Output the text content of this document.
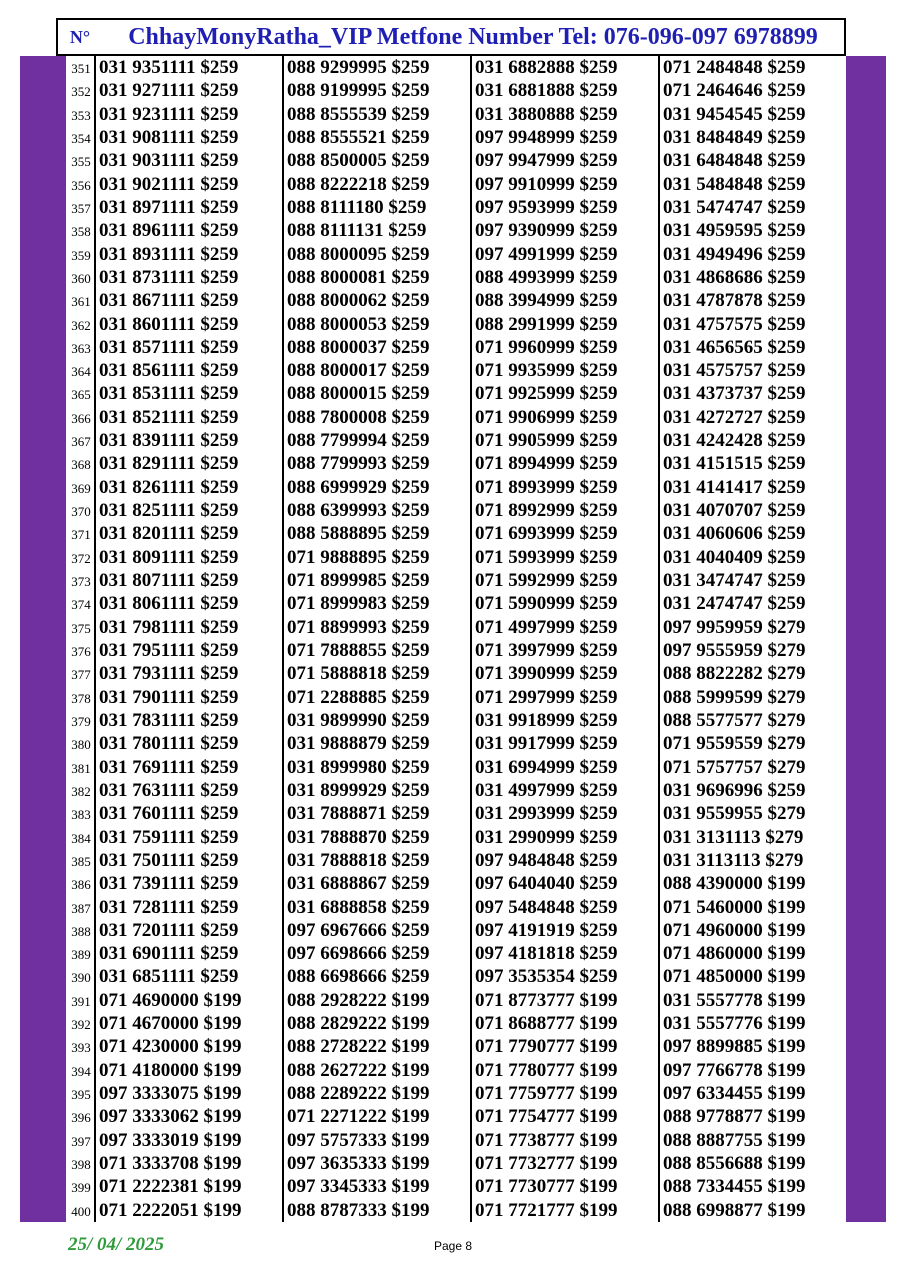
N°	ChhayMonyRatha_VIP Metfone Number Tel: 076-096-097 6978899
351 031 9351111 $259	088 9299995 $259	031 6882888 $259	071 2484848 $259
352 031 9271111 $259	088 9199995 $259	031 6881888 $259	071 2464646 $259
353 031 9231111 $259	088 8555539 $259	031 3880888 $259	031 9454545 $259
354 031 9081111 $259	088 8555521 $259	097 9948999 $259	031 8484849 $259
355 031 9031111 $259	088 8500005 $259	097 9947999 $259	031 6484848 $259
356 031 9021111 $259	088 8222218 $259	097 9910999 $259	031 5484848 $259
357 031 8971111 $259	088 8111180 $259	097 9593999 $259	031 5474747 $259
358 031 8961111 $259	088 8111131 $259	097 9390999 $259	031 4959595 $259
359 031 8931111 $259	088 8000095 $259	097 4991999 $259	031 4949496 $259
360 031 8731111 $259	088 8000081 $259	088 4993999 $259	031 4868686 $259
361 031 8671111 $259	088 8000062 $259	088 3994999 $259	031 4787878 $259
362 031 8601111 $259	088 8000053 $259	088 2991999 $259	031 4757575 $259
363 031 8571111 $259	088 8000037 $259	071 9960999 $259	031 4656565 $259
364 031 8561111 $259	088 8000017 $259	071 9935999 $259	031 4575757 $259
365 031 8531111 $259	088 8000015 $259	071 9925999 $259	031 4373737 $259
366 031 8521111 $259	088 7800008 $259	071 9906999 $259	031 4272727 $259
367 031 8391111 $259	088 7799994 $259	071 9905999 $259	031 4242428 $259
368 031 8291111 $259	088 7799993 $259	071 8994999 $259	031 4151515 $259
369 031 8261111 $259	088 6999929 $259	071 8993999 $259	031 4141417 $259
370 031 8251111 $259	088 6399993 $259	071 8992999 $259	031 4070707 $259
371 031 8201111 $259	088 5888895 $259	071 6993999 $259	031 4060606 $259
372 031 8091111 $259	071 9888895 $259	071 5993999 $259	031 4040409 $259
373 031 8071111 $259	071 8999985 $259	071 5992999 $259	031 3474747 $259
374 031 8061111 $259	071 8999983 $259	071 5990999 $259	031 2474747 $259
375 031 7981111 $259	071 8899993 $259	071 4997999 $259	097 9959959 $279
376 031 7951111 $259	071 7888855 $259	071 3997999 $259	097 9555959 $279
377 031 7931111 $259	071 5888818 $259	071 3990999 $259	088 8822282 $279
378 031 7901111 $259	071 2288885 $259	071 2997999 $259	088 5999599 $279
379 031 7831111 $259	031 9899990 $259	031 9918999 $259	088 5577577 $279
380 031 7801111 $259	031 9888879 $259	031 9917999 $259	071 9559559 $279
381 031 7691111 $259	031 8999980 $259	031 6994999 $259	071 5757757 $279
382 031 7631111 $259	031 8999929 $259	031 4997999 $259	031 9696996 $259
383 031 7601111 $259	031 7888871 $259	031 2993999 $259	031 9559955 $279
384 031 7591111 $259	031 7888870 $259	031 2990999 $259	031 3131113 $279
385 031 7501111 $259	031 7888818 $259	097 9484848 $259	031 3113113 $279
386 031 7391111 $259	031 6888867 $259	097 6404040 $259	088 4390000 $199
387 031 7281111 $259	031 6888858 $259	097 5484848 $259	071 5460000 $199
388 031 7201111 $259	097 6967666 $259	097 4191919 $259	071 4960000 $199
389 031 6901111 $259	097 6698666 $259	097 4181818 $259	071 4860000 $199
390 031 6851111 $259	088 6698666 $259	097 3535354 $259	071 4850000 $199
391 071 4690000 $199	088 2928222 $199	071 8773777 $199	031 5557778 $199
392 071 4670000 $199	088 2829222 $199	071 8688777 $199	031 5557776 $199
393 071 4230000 $199	088 2728222 $199	071 7790777 $199	097 8899885 $199
394 071 4180000 $199	088 2627222 $199	071 7780777 $199	097 7766778 $199
395 097 3333075 $199	088 2289222 $199	071 7759777 $199	097 6334455 $199
396 097 3333062 $199	071 2271222 $199	071 7754777 $199	088 9778877 $199
397 097 3333019 $199	097 5757333 $199	071 7738777 $199	088 8887755 $199
398 071 3333708 $199	097 3635333 $199	071 7732777 $199	088 8556688 $199
399 071 2222381 $199	097 3345333 $199	071 7730777 $199	088 7334455 $199
400 071 2222051 $199	088 8787333 $199	071 7721777 $199	088 6998877 $199
25/ 04/ 2025	Page 8
